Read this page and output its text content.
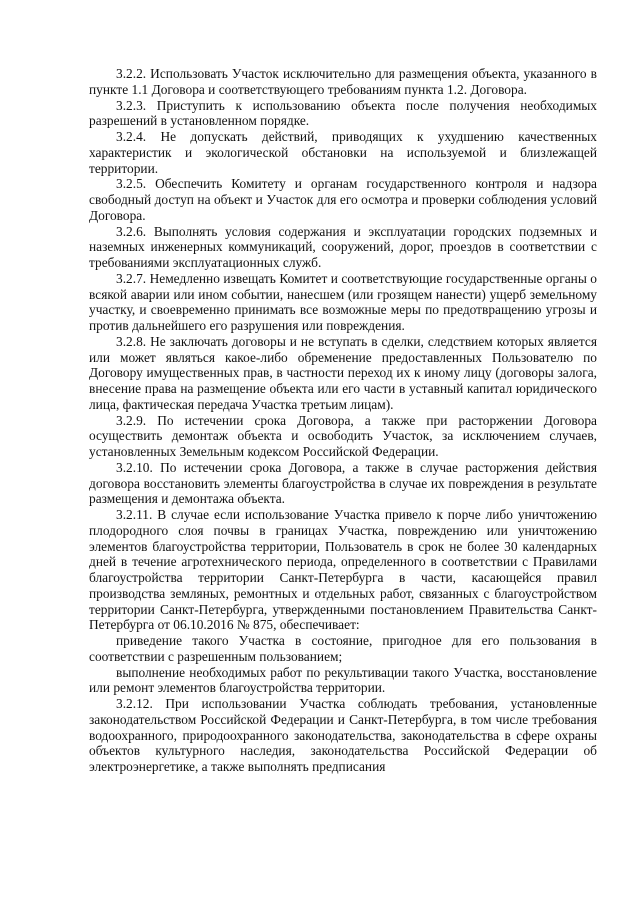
3.2.2. Использовать Участок исключительно для размещения объекта, указанного в пункте 1.1 Договора и соответствующего требованиям пункта 1.2. Договора.

3.2.3. Приступить к использованию объекта после получения необходимых разрешений в установленном порядке.

3.2.4. Не допускать действий, приводящих к ухудшению качественных характеристик и экологической обстановки на используемой и близлежащей территории.

3.2.5. Обеспечить Комитету и органам государственного контроля и надзора свободный доступ на объект и Участок для его осмотра и проверки соблюдения условий Договора.

3.2.6. Выполнять условия содержания и эксплуатации городских подземных и наземных инженерных коммуникаций, сооружений, дорог, проездов в соответствии с требованиями эксплуатационных служб.

3.2.7. Немедленно извещать Комитет и соответствующие государственные органы о всякой аварии или ином событии, нанесшем (или грозящем нанести) ущерб земельному участку, и своевременно принимать все возможные меры по предотвращению угрозы и против дальнейшего его разрушения или повреждения.

3.2.8. Не заключать договоры и не вступать в сделки, следствием которых является или может являться какое-либо обременение предоставленных Пользователю по Договору имущественных прав, в частности переход их к иному лицу (договоры залога, внесение права на размещение объекта или его части в уставный капитал юридического лица, фактическая передача Участка третьим лицам).

3.2.9. По истечении срока Договора, а также при расторжении Договора осуществить демонтаж объекта и освободить Участок, за исключением случаев, установленных Земельным кодексом Российской Федерации.

3.2.10. По истечении срока Договора, а также в случае расторжения действия договора восстановить элементы благоустройства в случае их повреждения в результате размещения и демонтажа объекта.

3.2.11. В случае если использование Участка привело к порче либо уничтожению плодородного слоя почвы в границах Участка, повреждению или уничтожению элементов благоустройства территории, Пользователь в срок не более 30 календарных дней в течение агротехнического периода, определенного в соответствии с Правилами благоустройства территории Санкт-Петербурга в части, касающейся правил производства земляных, ремонтных и отдельных работ, связанных с благоустройством территории Санкт-Петербурга, утвержденными постановлением Правительства Санкт-Петербурга от 06.10.2016 № 875, обеспечивает:

приведение такого Участка в состояние, пригодное для его пользования в соответствии с разрешенным пользованием;

выполнение необходимых работ по рекультивации такого Участка, восстановление или ремонт элементов благоустройства территории.

3.2.12. При использовании Участка соблюдать требования, установленные законодательством Российской Федерации и Санкт-Петербурга, в том числе требования водоохранного, природоохранного законодательства, законодательства в сфере охраны объектов культурного наследия, законодательства Российской Федерации об электроэнергетике, а также выполнять предписания
